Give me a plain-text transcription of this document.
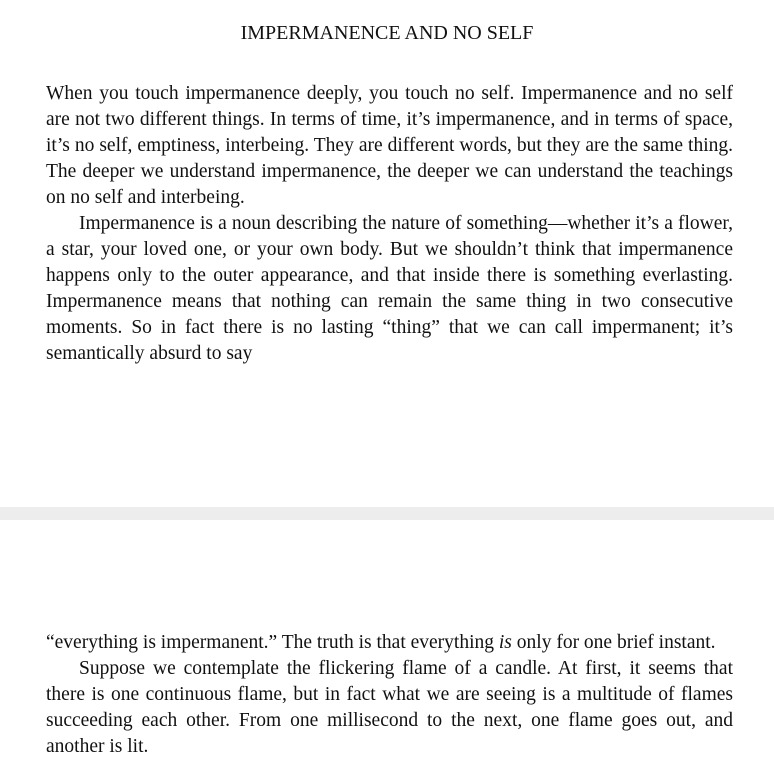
IMPERMANENCE AND NO SELF

When you touch impermanence deeply, you touch no self. Impermanence and no self are not two different things. In terms of time, it’s impermanence, and in terms of space, it’s no self, emptiness, interbeing. They are different words, but they are the same thing. The deeper we understand impermanence, the deeper we can understand the teachings on no self and interbeing.

Impermanence is a noun describing the nature of something—whether it’s a flower, a star, your loved one, or your own body. But we shouldn’t think that impermanence happens only to the outer appearance, and that inside there is something everlasting. Impermanence means that nothing can remain the same thing in two consecutive moments. So in fact there is no lasting “thing” that we can call impermanent; it’s semantically absurd to say

“everything is impermanent.” The truth is that everything is only for one brief instant.

Suppose we contemplate the flickering flame of a candle. At first, it seems that there is one continuous flame, but in fact what we are seeing is a multitude of flames succeeding each other. From one millisecond to the next, one flame goes out, and another is lit.
